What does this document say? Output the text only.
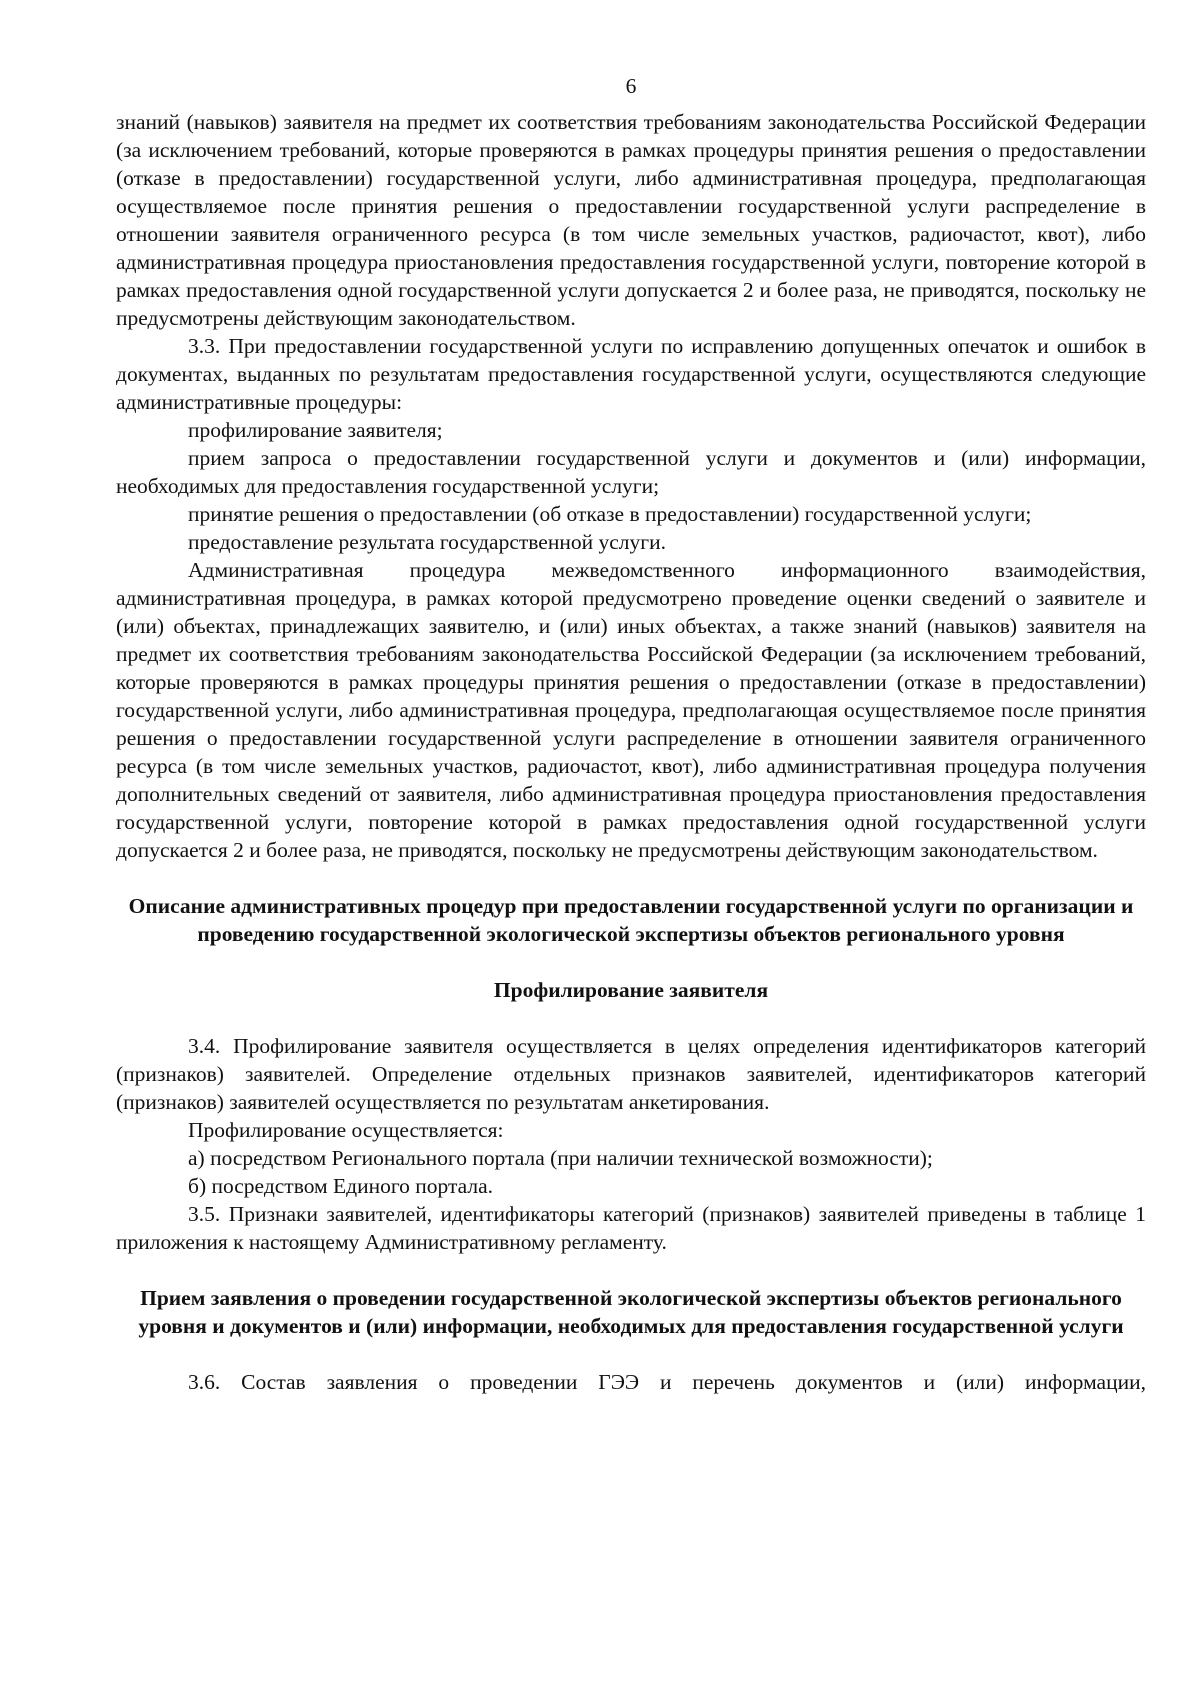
6

знаний (навыков) заявителя на предмет их соответствия требованиям законодательства Российской Федерации (за исключением требований, которые проверяются в рамках процедуры принятия решения о предоставлении (отказе в предоставлении) государственной услуги, либо административная процедура, предполагающая осуществляемое после принятия решения о предоставлении государственной услуги распределение в отношении заявителя ограниченного ресурса (в том числе земельных участков, радиочастот, квот), либо административная процедура приостановления предоставления государственной услуги, повторение которой в рамках предоставления одной государственной услуги допускается 2 и более раза, не приводятся, поскольку не предусмотрены действующим законодательством.

3.3. При предоставлении государственной услуги по исправлению допущенных опечаток и ошибок в документах, выданных по результатам предоставления государственной услуги, осуществляются следующие административные процедуры:

профилирование заявителя;

прием запроса о предоставлении государственной услуги и документов и (или) информации, необходимых для предоставления государственной услуги;

принятие решения о предоставлении (об отказе в предоставлении) государственной услуги;

предоставление результата государственной услуги.

Административная процедура межведомственного информационного взаимодействия, административная процедура, в рамках которой предусмотрено проведение оценки сведений о заявителе и (или) объектах, принадлежащих заявителю, и (или) иных объектах, а также знаний (навыков) заявителя на предмет их соответствия требованиям законодательства Российской Федерации (за исключением требований, которые проверяются в рамках процедуры принятия решения о предоставлении (отказе в предоставлении) государственной услуги, либо административная процедура, предполагающая осуществляемое после принятия решения о предоставлении государственной услуги распределение в отношении заявителя ограниченного ресурса (в том числе земельных участков, радиочастот, квот), либо административная процедура получения дополнительных сведений от заявителя, либо административная процедура приостановления предоставления государственной услуги, повторение которой в рамках предоставления одной государственной услуги допускается 2 и более раза, не приводятся, поскольку не предусмотрены действующим законодательством.

Описание административных процедур при предоставлении государственной услуги по организации и проведению государственной экологической экспертизы объектов регионального уровня

Профилирование заявителя

3.4. Профилирование заявителя осуществляется в целях определения идентификаторов категорий (признаков) заявителей. Определение отдельных признаков заявителей, идентификаторов категорий (признаков) заявителей осуществляется по результатам анкетирования.

Профилирование осуществляется:

а) посредством Регионального портала (при наличии технической возможности);

б) посредством Единого портала.

3.5. Признаки заявителей, идентификаторы категорий (признаков) заявителей приведены в таблице 1 приложения к настоящему Административному регламенту.

Прием заявления о проведении государственной экологической экспертизы объектов регионального уровня и документов и (или) информации, необходимых для предоставления государственной услуги

3.6. Состав заявления о проведении ГЭЭ и перечень документов и (или) информации,
